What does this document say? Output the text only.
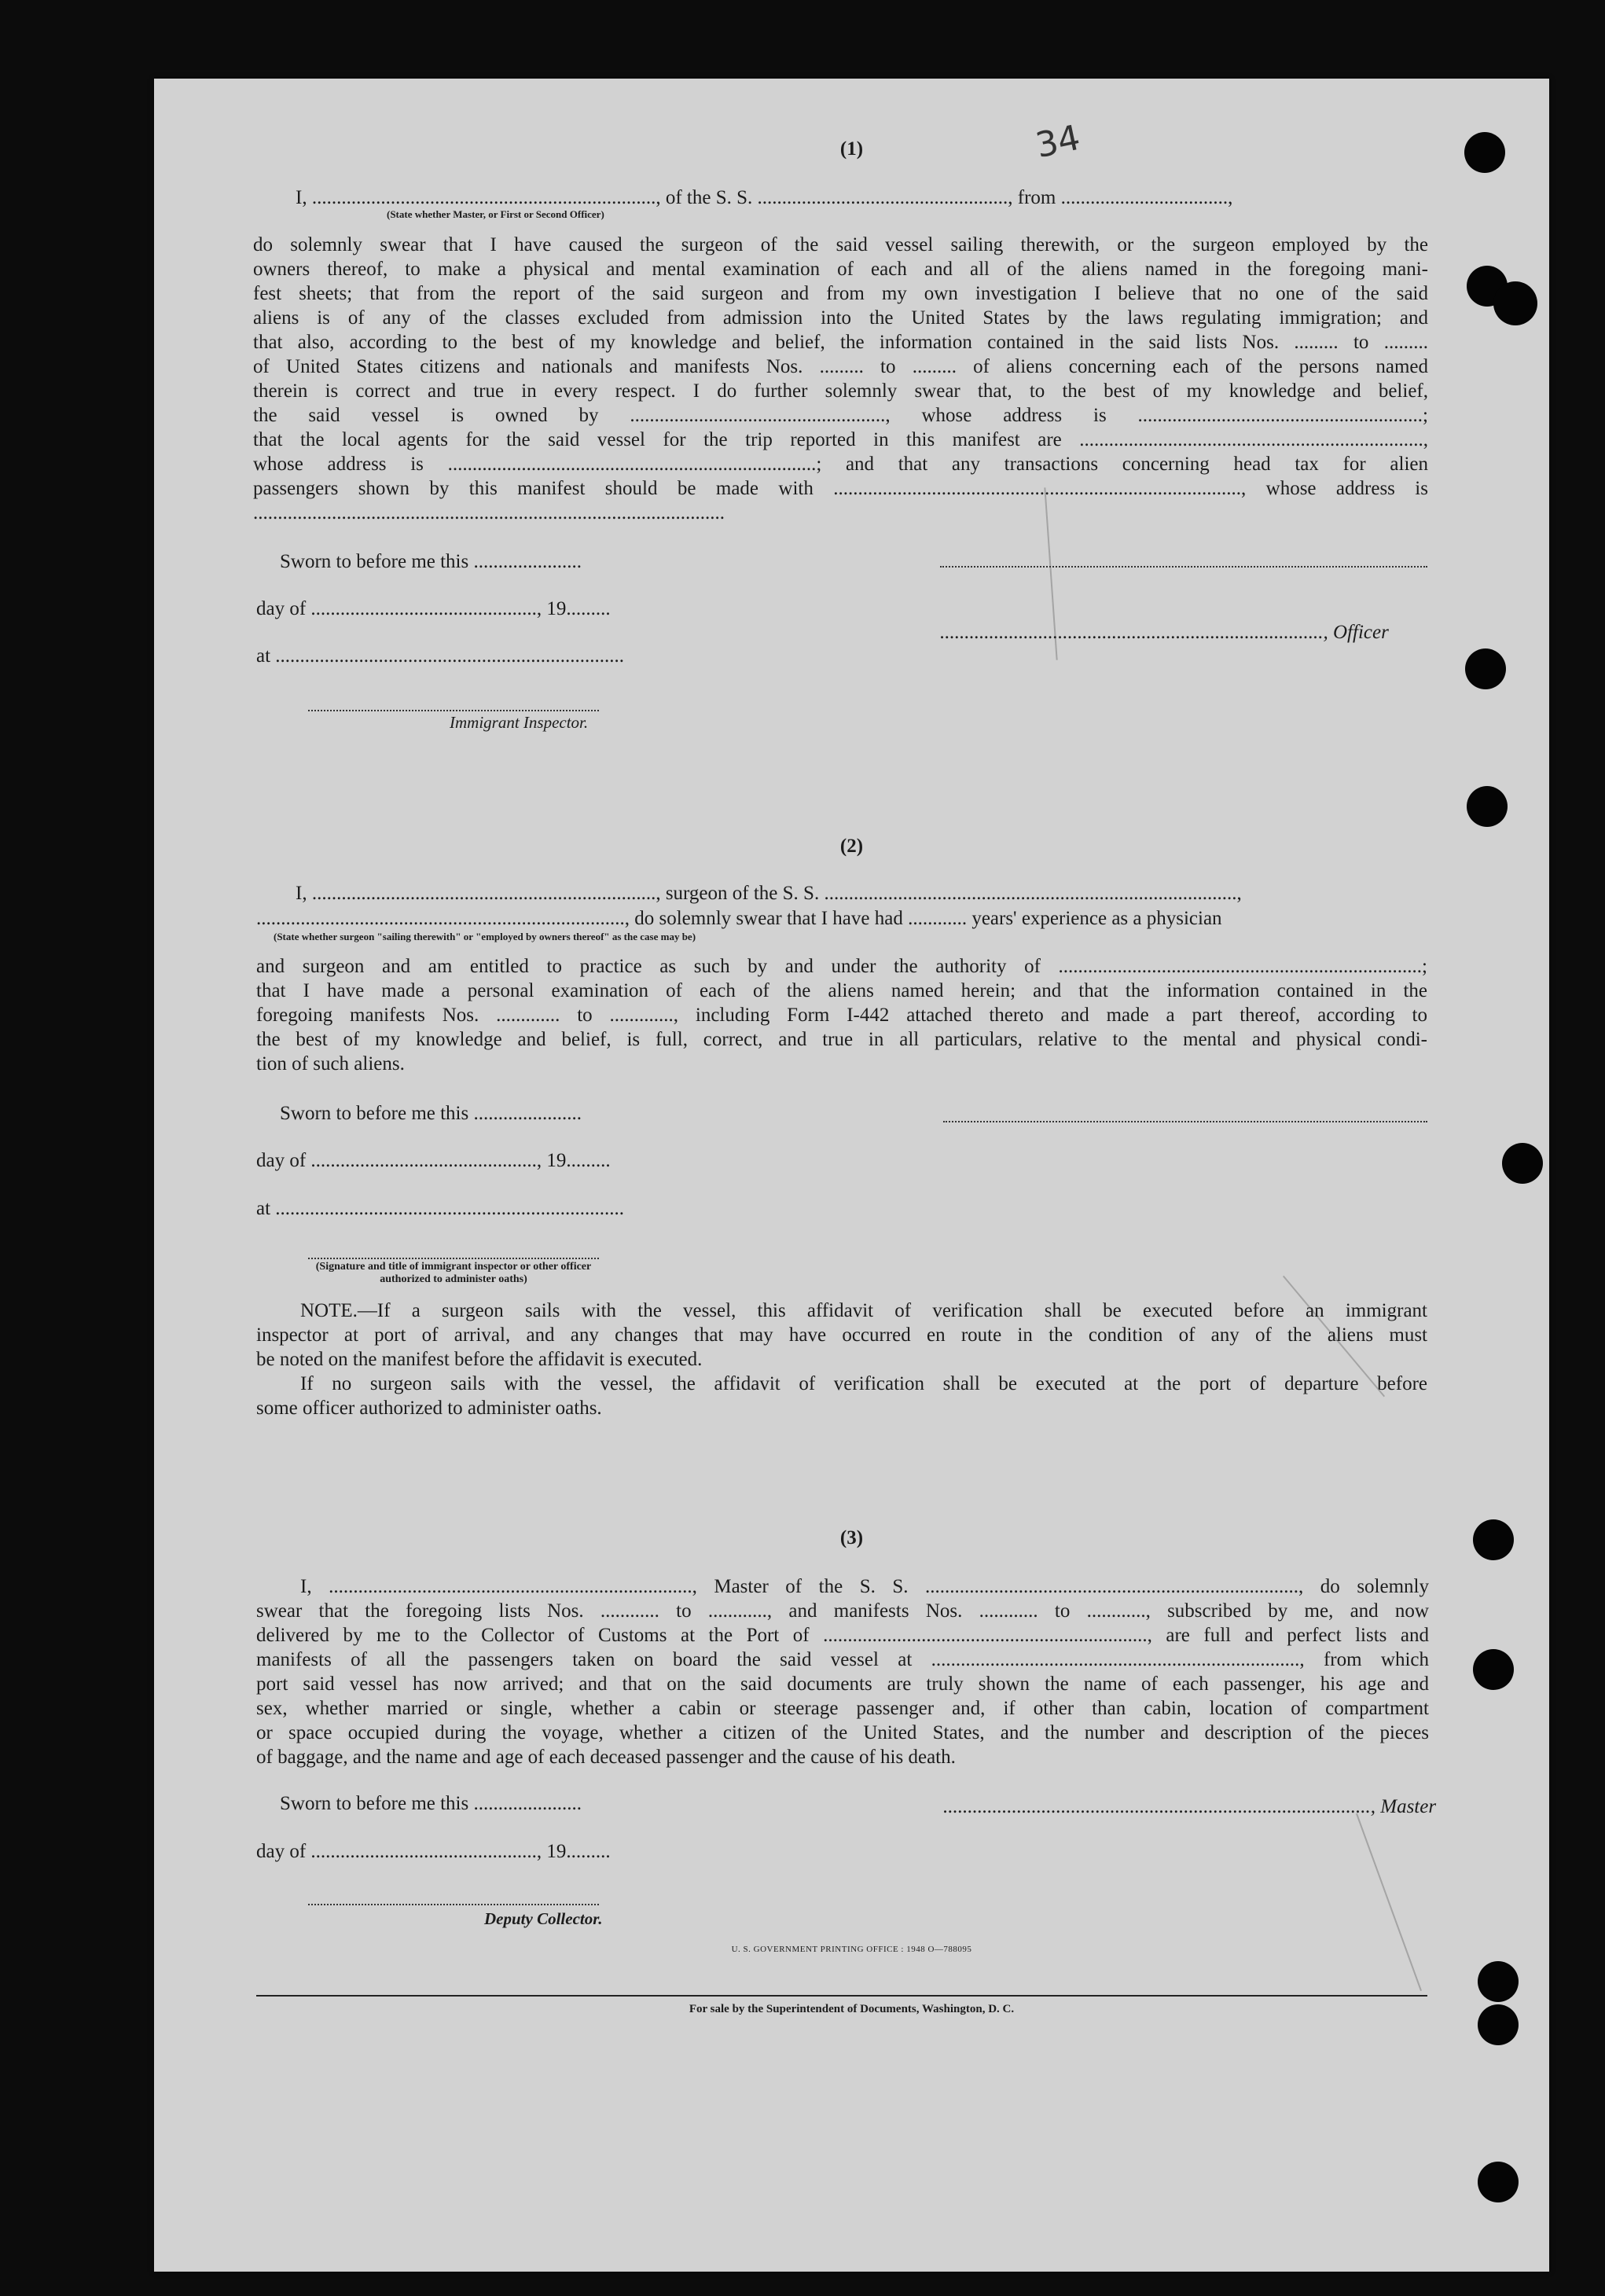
34
(1)
I, ......................................................................, of the S. S. ..................................................., from ..................................,
(State whether Master, or First or Second Officer)
do solemnly swear that I have caused the surgeon of the said vessel sailing therewith, or the surgeon employed by the
owners thereof, to make a physical and mental examination of each and all of the aliens named in the foregoing mani-
fest sheets; that from the report of the said surgeon and from my own investigation I believe that no one of the said
aliens is of any of the classes excluded from admission into the United States by the laws regulating immigration; and
that also, according to the best of my knowledge and belief, the information contained in the said lists Nos. ......... to .........
of United States citizens and nationals and manifests Nos. ......... to ......... of aliens concerning each of the persons named
therein is correct and true in every respect. I do further solemnly swear that, to the best of my knowledge and belief,
the said vessel is owned by ...................................................., whose address is ..........................................................;
that the local agents for the said vessel for the trip reported in this manifest are ......................................................................,
whose address is ...........................................................................; and that any transactions concerning head tax for alien
passengers shown by this manifest should be made with ..................................................................................., whose address is
................................................................................................
Sworn to before me this ......................
day of .............................................., 19.........
.............................................................................., Officer
at .......................................................................
Immigrant Inspector.
(2)
I, ......................................................................, surgeon of the S. S. ....................................................................................,
..........................................................................., do solemnly swear that I have had ............ years' experience as a physician
(State whether surgeon "sailing therewith" or "employed by owners thereof" as the case may be)
and surgeon and am entitled to practice as such by and under the authority of ..........................................................................;
that I have made a personal examination of each of the aliens named herein; and that the information contained in the
foregoing manifests Nos. ............. to ............., including Form I-442 attached thereto and made a part thereof, according to
the best of my knowledge and belief, is full, correct, and true in all particulars, relative to the mental and physical condi-
tion of such aliens.
Sworn to before me this ......................
day of .............................................., 19.........
at .......................................................................
(Signature and title of immigrant inspector or other officer authorized to administer oaths)
NOTE.—If a surgeon sails with the vessel, this affidavit of verification shall be executed before an immigrant
inspector at port of arrival, and any changes that may have occurred en route in the condition of any of the aliens must
be noted on the manifest before the affidavit is executed.
If no surgeon sails with the vessel, the affidavit of verification shall be executed at the port of departure before
some officer authorized to administer oaths.
(3)
I, .........................................................................., Master of the S. S. ............................................................................, do solemnly
swear that the foregoing lists Nos. ............ to ............, and manifests Nos. ............ to ............, subscribed by me, and now
delivered by me to the Collector of Customs at the Port of .................................................................., are full and perfect lists and
manifests of all the passengers taken on board the said vessel at ..........................................................................., from which
port said vessel has now arrived; and that on the said documents are truly shown the name of each passenger, his age and
sex, whether married or single, whether a cabin or steerage passenger and, if other than cabin, location of compartment
or space occupied during the voyage, whether a citizen of the United States, and the number and description of the pieces
of baggage, and the name and age of each deceased passenger and the cause of his death.
Sworn to before me this ......................	......................................................................................., Master
day of .............................................., 19.........
Deputy Collector.
U. S. GOVERNMENT PRINTING OFFICE : 1948 O—788095
For sale by the Superintendent of Documents, Washington, D. C.
